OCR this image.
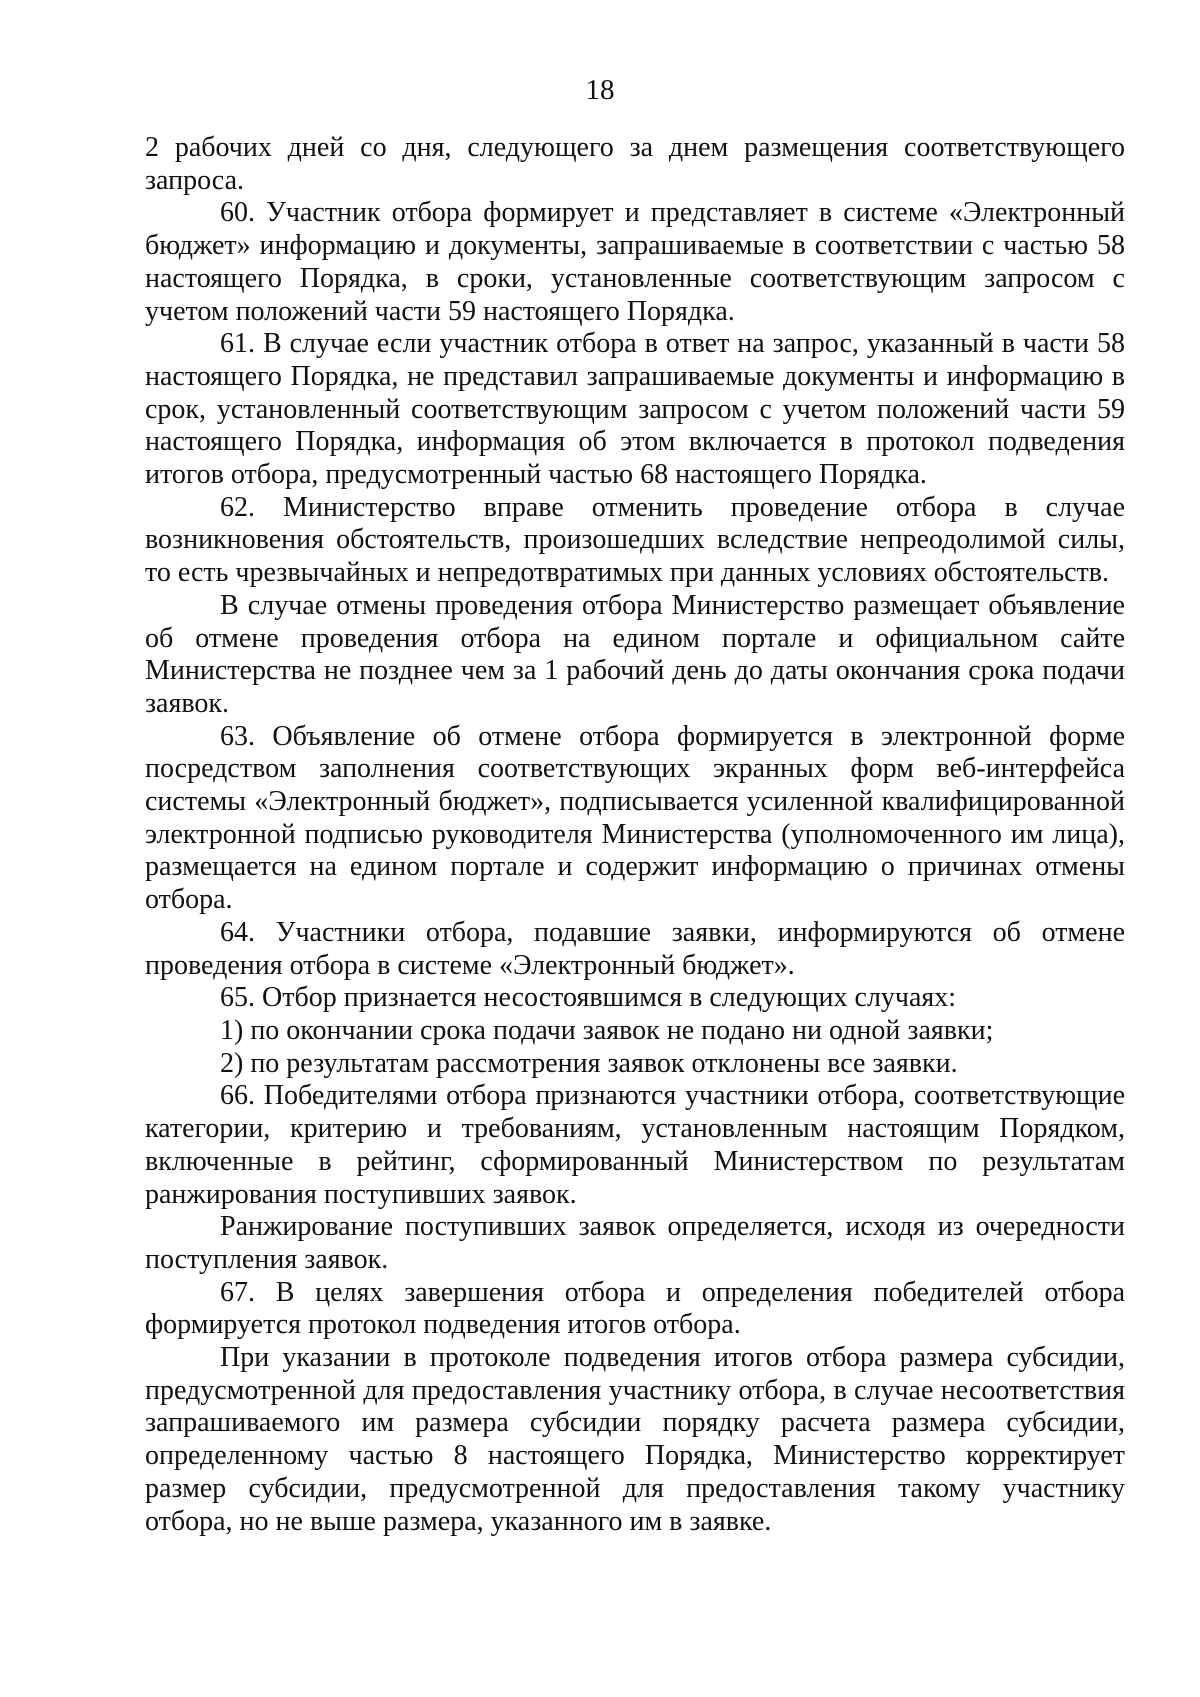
18

2 рабочих дней со дня, следующего за днем размещения соответствующего запроса.

60. Участник отбора формирует и представляет в системе «Электронный бюджет» информацию и документы, запрашиваемые в соответствии с частью 58 настоящего Порядка, в сроки, установленные соответствующим запросом с учетом положений части 59 настоящего Порядка.

61. В случае если участник отбора в ответ на запрос, указанный в части 58 настоящего Порядка, не представил запрашиваемые документы и информацию в срок, установленный соответствующим запросом с учетом положений части 59 настоящего Порядка, информация об этом включается в протокол подведения итогов отбора, предусмотренный частью 68 настоящего Порядка.

62. Министерство вправе отменить проведение отбора в случае возникновения обстоятельств, произошедших вследствие непреодолимой силы, то есть чрезвычайных и непредотвратимых при данных условиях обстоятельств.

В случае отмены проведения отбора Министерство размещает объявление об отмене проведения отбора на едином портале и официальном сайте Министерства не позднее чем за 1 рабочий день до даты окончания срока подачи заявок.

63. Объявление об отмене отбора формируется в электронной форме посредством заполнения соответствующих экранных форм веб-интерфейса системы «Электронный бюджет», подписывается усиленной квалифицированной электронной подписью руководителя Министерства (уполномоченного им лица), размещается на едином портале и содержит информацию о причинах отмены отбора.

64. Участники отбора, подавшие заявки, информируются об отмене проведения отбора в системе «Электронный бюджет».

65. Отбор признается несостоявшимся в следующих случаях:

1) по окончании срока подачи заявок не подано ни одной заявки;

2) по результатам рассмотрения заявок отклонены все заявки.

66. Победителями отбора признаются участники отбора, соответствующие категории, критерию и требованиям, установленным настоящим Порядком, включенные в рейтинг, сформированный Министерством по результатам ранжирования поступивших заявок.

Ранжирование поступивших заявок определяется, исходя из очередности поступления заявок.

67. В целях завершения отбора и определения победителей отбора формируется протокол подведения итогов отбора.

При указании в протоколе подведения итогов отбора размера субсидии, предусмотренной для предоставления участнику отбора, в случае несоответствия запрашиваемого им размера субсидии порядку расчета размера субсидии, определенному частью 8 настоящего Порядка, Министерство корректирует размер субсидии, предусмотренной для предоставления такому участнику отбора, но не выше размера, указанного им в заявке.
